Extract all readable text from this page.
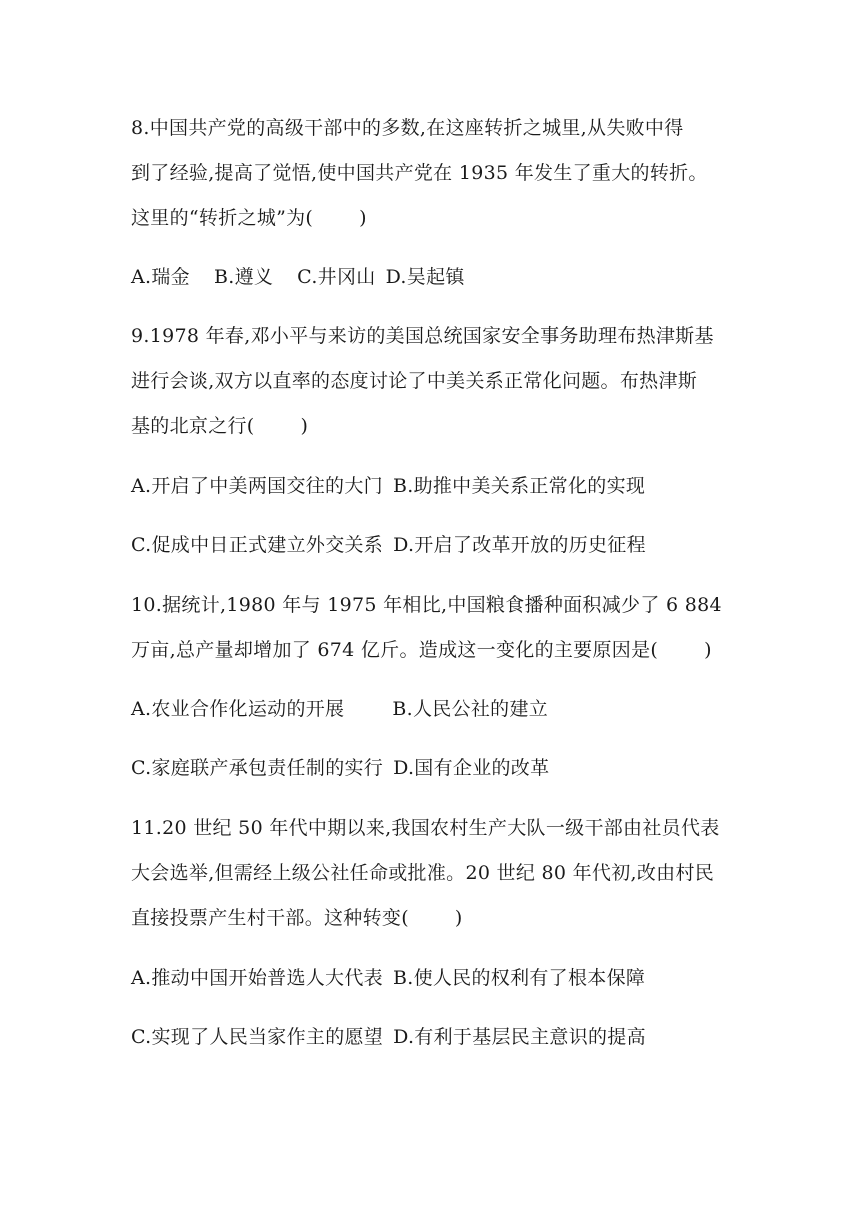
8.中国共产党的高级干部中的多数,在这座转折之城里,从失败中得
到了经验,提高了觉悟,使中国共产党在 1935 年发生了重大的转折。
这里的“转折之城”为( )
A.瑞金 B.遵义 C.井冈山 D.吴起镇
9.1978 年春,邓小平与来访的美国总统国家安全事务助理布热津斯基
进行会谈,双方以直率的态度讨论了中美关系正常化问题。布热津斯
基的北京之行( )
A.开启了中美两国交往的大门 B.助推中美关系正常化的实现
C.促成中日正式建立外交关系 D.开启了改革开放的历史征程
10.据统计,1980 年与 1975 年相比,中国粮食播种面积减少了 6 884
万亩,总产量却增加了 674 亿斤。造成这一变化的主要原因是( )
A.农业合作化运动的开展	B.人民公社的建立
C.家庭联产承包责任制的实行 D.国有企业的改革
11.20 世纪 50 年代中期以来,我国农村生产大队一级干部由社员代表
大会选举,但需经上级公社任命或批准。20 世纪 80 年代初,改由村民
直接投票产生村干部。这种转变( )
A.推动中国开始普选人大代表 B.使人民的权利有了根本保障
C.实现了人民当家作主的愿望 D.有利于基层民主意识的提高
